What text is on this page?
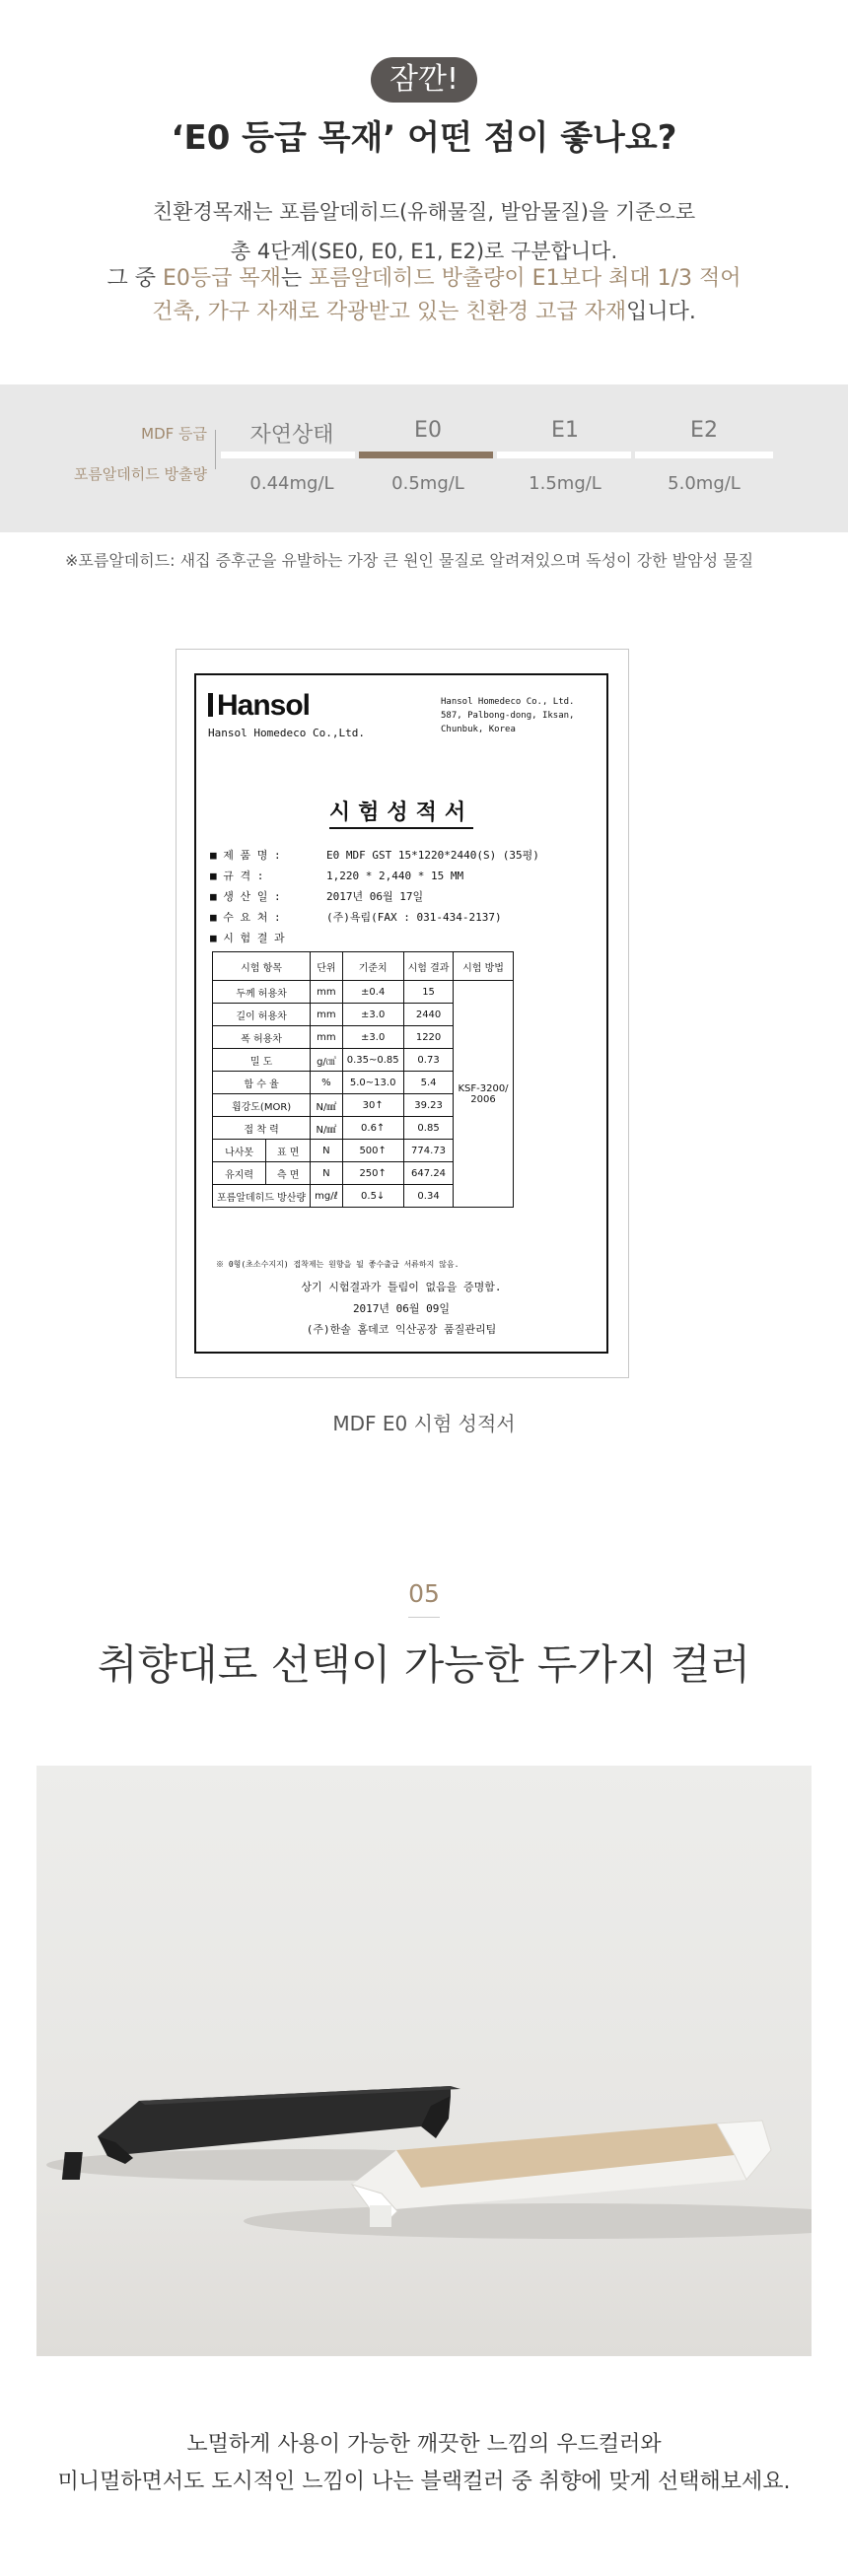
잠깐!
‘E0 등급 목재’ 어떤 점이 좋나요?
친환경목재는 포름알데히드(유해물질, 발암물질)을 기준으로
총 4단계(SE0, E0, E1, E2)로 구분합니다.
그 중 E0등급 목재는 포름알데히드 방출량이 E1보다 최대 1/3 적어
건축, 가구 자재로 각광받고 있는 친환경 고급 자재입니다.
MDF 등급
포름알데히드 방출량
자연상태	E0	E1	E2
0.44mg/L	0.5mg/L	1.5mg/L	5.0mg/L
※포름알데히드: 새집 증후군을 유발하는 가장 큰 원인 물질로 알려져있으며 독성이 강한 발암성 물질
Hansol
Hansol Homedeco Co.,Ltd.
Hansol Homedeco Co., Ltd.
587, Palbong-dong, Iksan,
Chunbuk, Korea
시험성적서
■ 제 품 명 :	E0 MDF GST 15*1220*2440(S) (35평)
■ 규 격 :	1,220 * 2,440 * 15 MM
■ 생 산 일 :	2017년 06월 17일
■ 수 요 처 :	(주)욕림(FAX : 031-434-2137)
■ 시 험 결 과
시험 항목		단위	기준치	시험 결과	시험 방법
두께 허용차		mm	±0.4	15	KSF-3200/
2006

길이 허용차		mm	±3.0	2440	
폭 허용차		mm	±3.0	1220	
밀 도		g/㎤	0.35~0.85	0.73	
함 수 율		%	5.0~13.0	5.4	
휨강도(MOR)		N/㎟	30↑	39.23	
접 착 력		N/㎟	0.6↑	0.85	
나사못	표 면	N	500↑	774.73	
유지력	측 면	N	250↑	647.24	
포름알데히드 방산량		mg/ℓ	0.5↓	0.34	
※ 0형(초소수지지) 접착제는 원향을 될 좋수출급 서류하지 않음.
상기 시험결과가 틀림이 없음을 증명함.
2017년 06월 09일
(주)한솔 홈데코 익산공장 품질관리팀
MDF E0 시험 성적서
05
취향대로 선택이 가능한 두가지 컬러
노멀하게 사용이 가능한 깨끗한 느낌의 우드컬러와
미니멀하면서도 도시적인 느낌이 나는 블랙컬러 중 취향에 맞게 선택해보세요.
